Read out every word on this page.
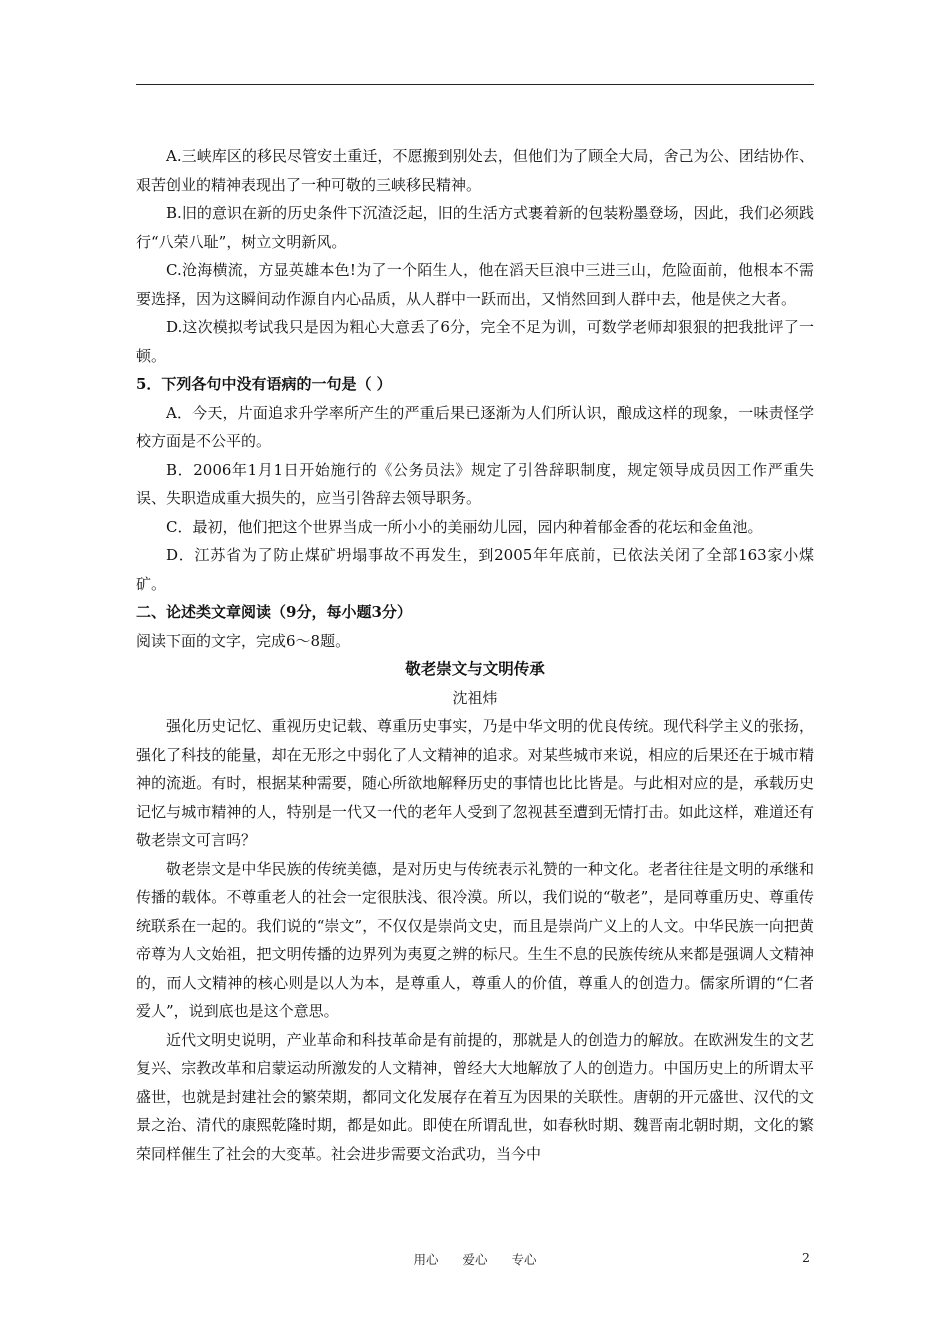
A.三峡库区的移民尽管安土重迁，不愿搬到别处去，但他们为了顾全大局，舍己为公、团结协作、艰苦创业的精神表现出了一种可敬的三峡移民精神。

B.旧的意识在新的历史条件下沉渣泛起，旧的生活方式裹着新的包装粉墨登场，因此，我们必须践行“八荣八耻”，树立文明新风。

C.沧海横流，方显英雄本色!为了一个陌生人，他在滔天巨浪中三进三山，危险面前，他根本不需要选择，因为这瞬间动作源自内心品质，从人群中一跃而出，又悄然回到人群中去，他是侠之大者。

D.这次模拟考试我只是因为粗心大意丢了6分，完全不足为训，可数学老师却狠狠的把我批评了一顿。

5．下列各句中没有语病的一句是（ ）

A．今天，片面追求升学率所产生的严重后果已逐渐为人们所认识，酿成这样的现象，一味责怪学校方面是不公平的。

B．2006年1月1日开始施行的《公务员法》规定了引咎辞职制度，规定领导成员因工作严重失误、失职造成重大损失的，应当引咎辞去领导职务。

C．最初，他们把这个世界当成一所小小的美丽幼儿园，园内种着郁金香的花坛和金鱼池。

D．江苏省为了防止煤矿坍塌事故不再发生，到2005年年底前，已依法关闭了全部163家小煤矿。

二、论述类文章阅读（9分，每小题3分）

阅读下面的文字，完成6～8题。

敬老崇文与文明传承

沈祖炜

强化历史记忆、重视历史记载、尊重历史事实，乃是中华文明的优良传统。现代科学主义的张扬，强化了科技的能量，却在无形之中弱化了人文精神的追求。对某些城市来说，相应的后果还在于城市精神的流逝。有时，根据某种需要，随心所欲地解释历史的事情也比比皆是。与此相对应的是，承载历史记忆与城市精神的人，特别是一代又一代的老年人受到了忽视甚至遭到无情打击。如此这样，难道还有敬老崇文可言吗？

敬老崇文是中华民族的传统美德，是对历史与传统表示礼赞的一种文化。老者往往是文明的承继和传播的载体。不尊重老人的社会一定很肤浅、很冷漠。所以，我们说的“敬老”，是同尊重历史、尊重传统联系在一起的。我们说的“崇文”，不仅仅是崇尚文史，而且是崇尚广义上的人文。中华民族一向把黄帝尊为人文始祖，把文明传播的边界列为夷夏之辨的标尺。生生不息的民族传统从来都是强调人文精神的，而人文精神的核心则是以人为本，是尊重人，尊重人的价值，尊重人的创造力。儒家所谓的“仁者爱人”，说到底也是这个意思。

近代文明史说明，产业革命和科技革命是有前提的，那就是人的创造力的解放。在欧洲发生的文艺复兴、宗教改革和启蒙运动所激发的人文精神，曾经大大地解放了人的创造力。中国历史上的所谓太平盛世，也就是封建社会的繁荣期，都同文化发展存在着互为因果的关联性。唐朝的开元盛世、汉代的文景之治、清代的康熙乾隆时期，都是如此。即使在所谓乱世，如春秋时期、魏晋南北朝时期，文化的繁荣同样催生了社会的大变革。社会进步需要文治武功，当今中

用心 爱心 专心	2
